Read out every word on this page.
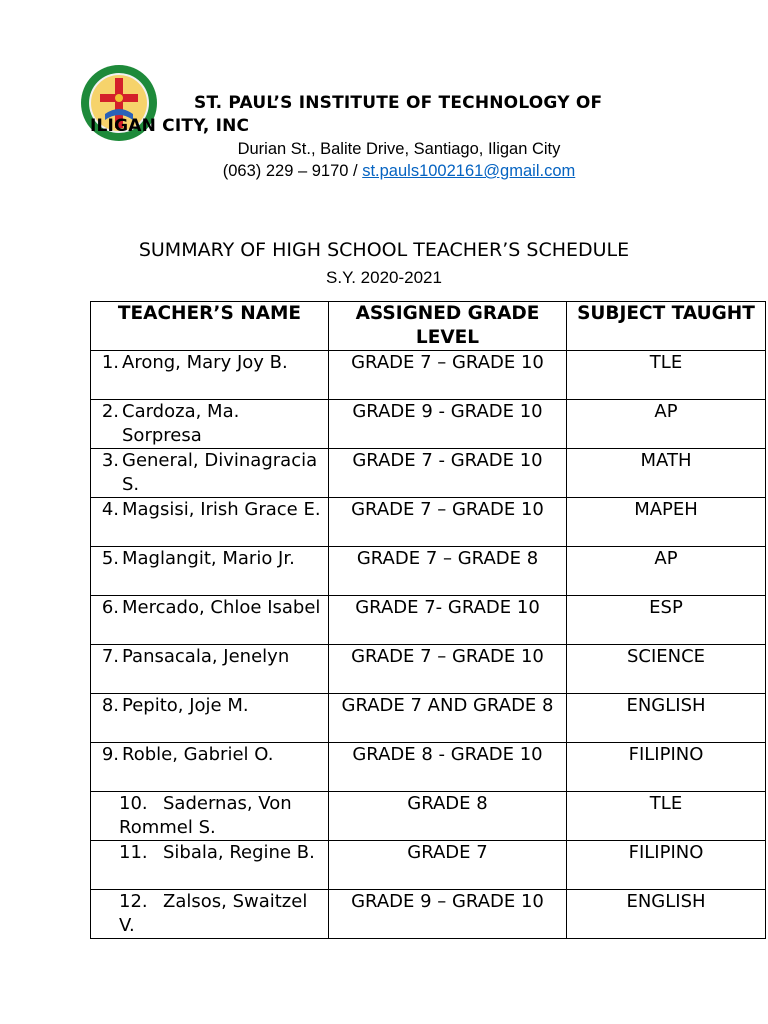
ST. PAUL’S INSTITUTE OF TECHNOLOGY OF ILIGAN CITY, INC
Durian St., Balite Drive, Santiago, Iligan City
(063) 229 – 9170 / st.pauls1002161@gmail.com
SUMMARY OF HIGH SCHOOL TEACHER’S SCHEDULE
S.Y. 2020-2021
TEACHER’S NAME	ASSIGNED GRADE LEVEL	SUBJECT TAUGHT

1. Arong, Mary Joy B.	GRADE 7 – GRADE 10	TLE

2. Cardoza, Ma. Sorpresa	GRADE 9 - GRADE 10	AP

3. General, Divinagracia S.	GRADE 7 - GRADE 10	MATH

4. Magsisi, Irish Grace E.	GRADE 7 – GRADE 10	MAPEH

5. Maglangit, Mario Jr.	GRADE 7 – GRADE 8	AP

6. Mercado, Chloe Isabel	GRADE 7- GRADE 10	ESP

7. Pansacala, Jenelyn	GRADE 7 – GRADE 10	SCIENCE

8. Pepito, Joje M.	GRADE 7 AND GRADE 8	ENGLISH

9. Roble, Gabriel O.	GRADE 8 - GRADE 10	FILIPINO

10. Sadernas, Von Rommel S.	GRADE 8	TLE

11. Sibala, Regine B.	GRADE 7	FILIPINO

12. Zalsos, Swaitzel V.	GRADE 9 – GRADE 10	ENGLISH
